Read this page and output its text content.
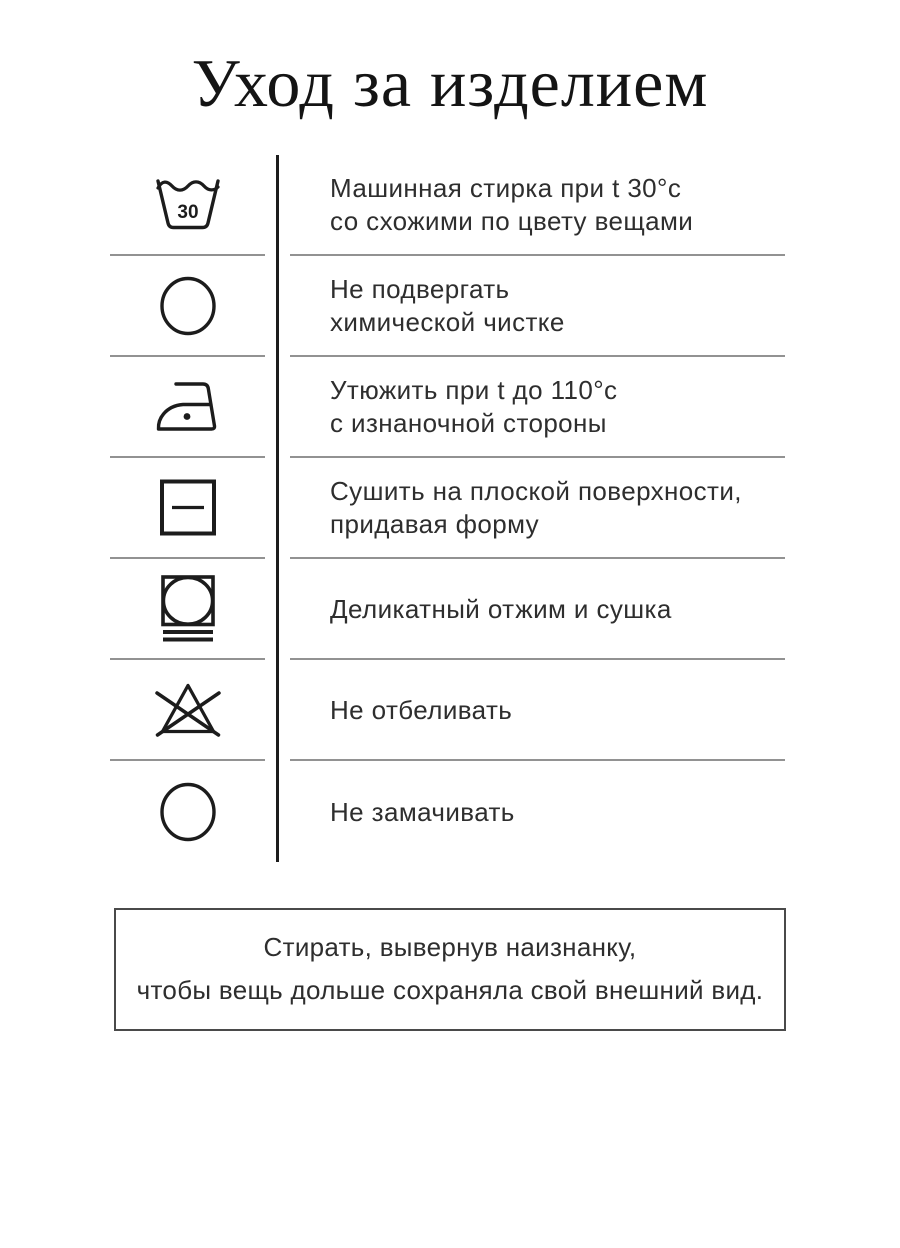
Уход за изделием
30
Машинная стирка при t 30°c
со схожими по цвету вещами
Не подвергать
химической чистке
Утюжить при t до 110°c
с изнаночной стороны
Сушить на плоской поверхности,
придавая форму
Деликатный отжим и сушка
Не отбеливать
Не замачивать
Стирать, вывернув наизнанку,
чтобы вещь дольше сохраняла свой внешний вид.
